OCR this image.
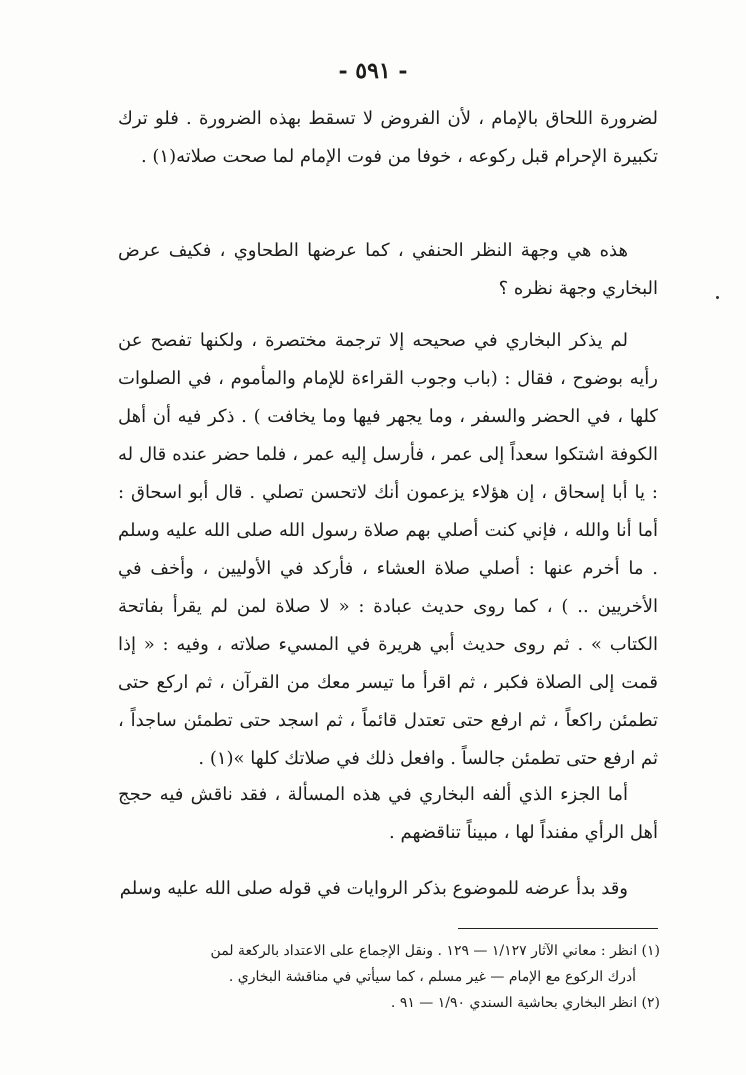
- ٥٩١ -

لضرورة اللحاق بالإمام ، لأن الفروض لا تسقط بهذه الضرورة . فلو ترك تكبيرة الإحرام قبل ركوعه ، خوفا من فوت الإمام لما صحت صلاته(١) .

هذه هي وجهة النظر الحنفي ، كما عرضها الطحاوي ، فكيف عرض البخاري وجهة نظره ؟

لم يذكر البخاري في صحيحه إلا ترجمة مختصرة ، ولكنها تفصح عن رأيه بوضوح ، فقال : (باب وجوب القراءة للإمام والمأموم ، في الصلوات كلها ، في الحضر والسفر ، وما يجهر فيها وما يخافت ) . ذكر فيه أن أهل الكوفة اشتكوا سعداً إلى عمر ، فأرسل إليه عمر ، فلما حضر عنده قال له : يا أبا إسحاق ، إن هؤلاء يزعمون أنك لاتحسن تصلي . قال أبو اسحاق : أما أنا والله ، فإني كنت أصلي بهم صلاة رسول الله صلى الله عليه وسلم . ما أخرم عنها : أصلي صلاة العشاء ، فأركد في الأوليين ، وأخف في الأخريين .. ) ، كما روى حديث عبادة : « لا صلاة لمن لم يقرأ بفاتحة الكتاب » . ثم روى حديث أبي هريرة في المسيء صلاته ، وفيه : « إذا قمت إلى الصلاة فكبر ، ثم اقرأ ما تيسر معك من القرآن ، ثم اركع حتى تطمئن راكعاً ، ثم ارفع حتى تعتدل قائماً ، ثم اسجد حتى تطمئن ساجداً ، ثم ارفع حتى تطمئن جالساً . وافعل ذلك في صلاتك كلها »(١) .

أما الجزء الذي ألفه البخاري في هذه المسألة ، فقد ناقش فيه حجج أهل الرأي مفنداً لها ، مبيناً تناقضهم .

وقد بدأ عرضه للموضوع بذكر الروايات في قوله صلى الله عليه وسلم

(١) انظر : معاني الآثار ١/١٢٧ — ١٢٩ . ونقل الإجماع على الاعتداد بالركعة لمن

أدرك الركوع مع الإمام — غير مسلم ، كما سيأتي في مناقشة البخاري .

(٢) انظر البخاري بحاشية السندي ١/٩٠ — ٩١ .
